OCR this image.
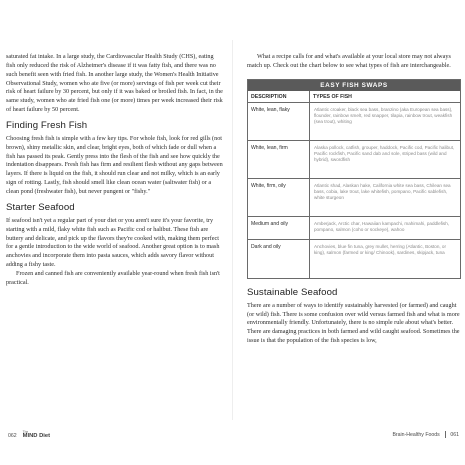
saturated fat intake. In a large study, the Cardiovascular Health Study (CHS), eating fish only reduced the risk of Alzheimer's disease if it was fatty fish, and there was no such benefit seen with fried fish. In another large study, the Women's Health Initiative Observational Study, women who ate five (or more) servings of fish per week cut their risk of heart failure by 30 percent, but only if it was baked or broiled fish. In fact, in the same study, women who ate fried fish one (or more) times per week increased their risk of heart failure by 50 percent.

Finding Fresh Fish

Choosing fresh fish is simple with a few key tips. For whole fish, look for red gills (not brown), shiny metallic skin, and clear, bright eyes, both of which fade or dull when a fish has passed its peak. Gently press into the flesh of the fish and see how quickly the indentation disappears. Fresh fish has firm and resilient flesh without any gaps between layers. If there is liquid on the fish, it should run clear and not milky, which is an early sign of rotting. Lastly, fish should smell like clean ocean water (saltwater fish) or a clean pond (freshwater fish), but never pungent or "fishy."

Starter Seafood

If seafood isn't yet a regular part of your diet or you aren't sure it's your favorite, try starting with a mild, flaky white fish such as Pacific cod or halibut. These fish are buttery and delicate, and pick up the flavors they're cooked with, making them perfect for a gentle introduction to the wide world of seafood. Another great option is to mash anchovies and incorporate them into pasta sauces, which adds savory flavor without adding a fishy taste.

Frozen and canned fish are conveniently available year-round when fresh fish isn't practical.

062
The
MIND Diet

What a recipe calls for and what's available at your local store may not always match up. Check out the chart below to see what types of fish are interchangeable.

EASY FISH SWAPS
DESCRIPTION	TYPES OF FISH
White, lean, flaky	Atlantic croaker, black sea bass, branzino (aka European sea bass), flounder, rainbow smelt, red snapper, tilapia, rainbow trout, weakfish (sea trout), whiting
White, lean, firm	Alaska pollock, catfish, grouper, haddock, Pacific cod, Pacific halibut, Pacific rockfish, Pacific sand dab and sole, striped bass (wild and hybrid), swordfish
White, firm, oily	Atlantic shad, Alaskan hake, California white sea bass, Chilean sea bass, cobia, lake trout, lake whitefish, pompano, Pacific sablefish, white sturgeon
Medium and oily	Amberjack, Arctic char, Hawaiian kampachi, mahimahi, paddlefish, pompano, salmon (coho or sockeye), wahoo
Dark and oily	Anchovies, blue fin tuna, grey mullet, herring (Atlantic, Boston, or king), salmon (farmed or king/ Chinook), sardines, skipjack, tuna
Sustainable Seafood

There are a number of ways to identify sustainably harvested (or farmed) and caught (or wild) fish. There is some confusion over wild versus farmed fish and what is more environmentally friendly. Unfortunately, there is no simple rule about what's better. There are damaging practices in both farmed and wild caught seafood. Sometimes the issue is that the population of the fish species is low,

Brain-Healthy Foods 061
